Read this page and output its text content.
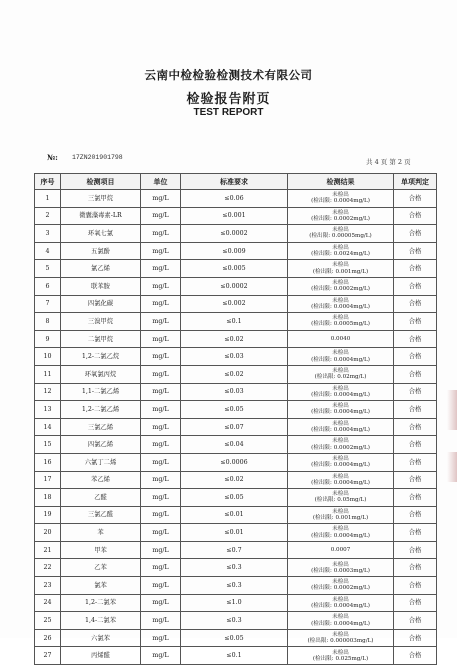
云南中检检验检测技术有限公司
检验报告附页
TEST REPORT
№: 17ZN201901798
共 4 页 第 2 页
序号	检测项目	单位	标准要求	检测结果	单项判定
1	三氯甲烷	mg/L	≤0.06	未检出
(检出限: 0.0004mg/L)	合格
2	微囊藻毒素-LR	mg/L	≤0.001	未检出
(检出限: 0.0002mg/L)	合格
3	环氧七氯	mg/L	≤0.0002	未检出
(检出限: 0.00005mg/L)	合格
4	五氯酚	mg/L	≤0.009	未检出
(检出限: 0.0024mg/L)	合格
5	氯乙烯	mg/L	≤0.005	未检出
(检出限: 0.001mg/L)	合格
6	联苯胺	mg/L	≤0.0002	未检出
(检出限: 0.0002mg/L)	合格
7	四氯化碳	mg/L	≤0.002	未检出
(检出限: 0.0004mg/L)	合格
8	三溴甲烷	mg/L	≤0.1	未检出
(检出限: 0.0005mg/L)	合格
9	二氯甲烷	mg/L	≤0.02	0.0040	合格
10	1,2-二氯乙烷	mg/L	≤0.03	未检出
(检出限: 0.0004mg/L)	合格
11	环氧氯丙烷	mg/L	≤0.02	未检出
(检出限: 0.02mg/L)	合格
12	1,1-二氯乙烯	mg/L	≤0.03	未检出
(检出限: 0.0004mg/L)	合格
13	1,2-二氯乙烯	mg/L	≤0.05	未检出
(检出限: 0.0004mg/L)	合格
14	三氯乙烯	mg/L	≤0.07	未检出
(检出限: 0.0004mg/L)	合格
15	四氯乙烯	mg/L	≤0.04	未检出
(检出限: 0.0002mg/L)	合格
16	六氯丁二烯	mg/L	≤0.0006	未检出
(检出限: 0.0004mg/L)	合格
17	苯乙烯	mg/L	≤0.02	未检出
(检出限: 0.0004mg/L)	合格
18	乙醛	mg/L	≤0.05	未检出
(检出限: 0.05mg/L)	合格
19	三氯乙醛	mg/L	≤0.01	未检出
(检出限: 0.001mg/L)	合格
20	苯	mg/L	≤0.01	未检出
(检出限: 0.0004mg/L)	合格
21	甲苯	mg/L	≤0.7	0.0007	合格
22	乙苯	mg/L	≤0.3	未检出
(检出限: 0.0003mg/L)	合格
23	氯苯	mg/L	≤0.3	未检出
(检出限: 0.0002mg/L)	合格
24	1,2-二氯苯	mg/L	≤1.0	未检出
(检出限: 0.0004mg/L)	合格
25	1,4-二氯苯	mg/L	≤0.3	未检出
(检出限: 0.0004mg/L)	合格
26	六氯苯	mg/L	≤0.05	未检出
(检出限: 0.000003mg/L)	合格
27	丙烯醛	mg/L	≤0.1	未检出
(检出限: 0.025mg/L)	合格
